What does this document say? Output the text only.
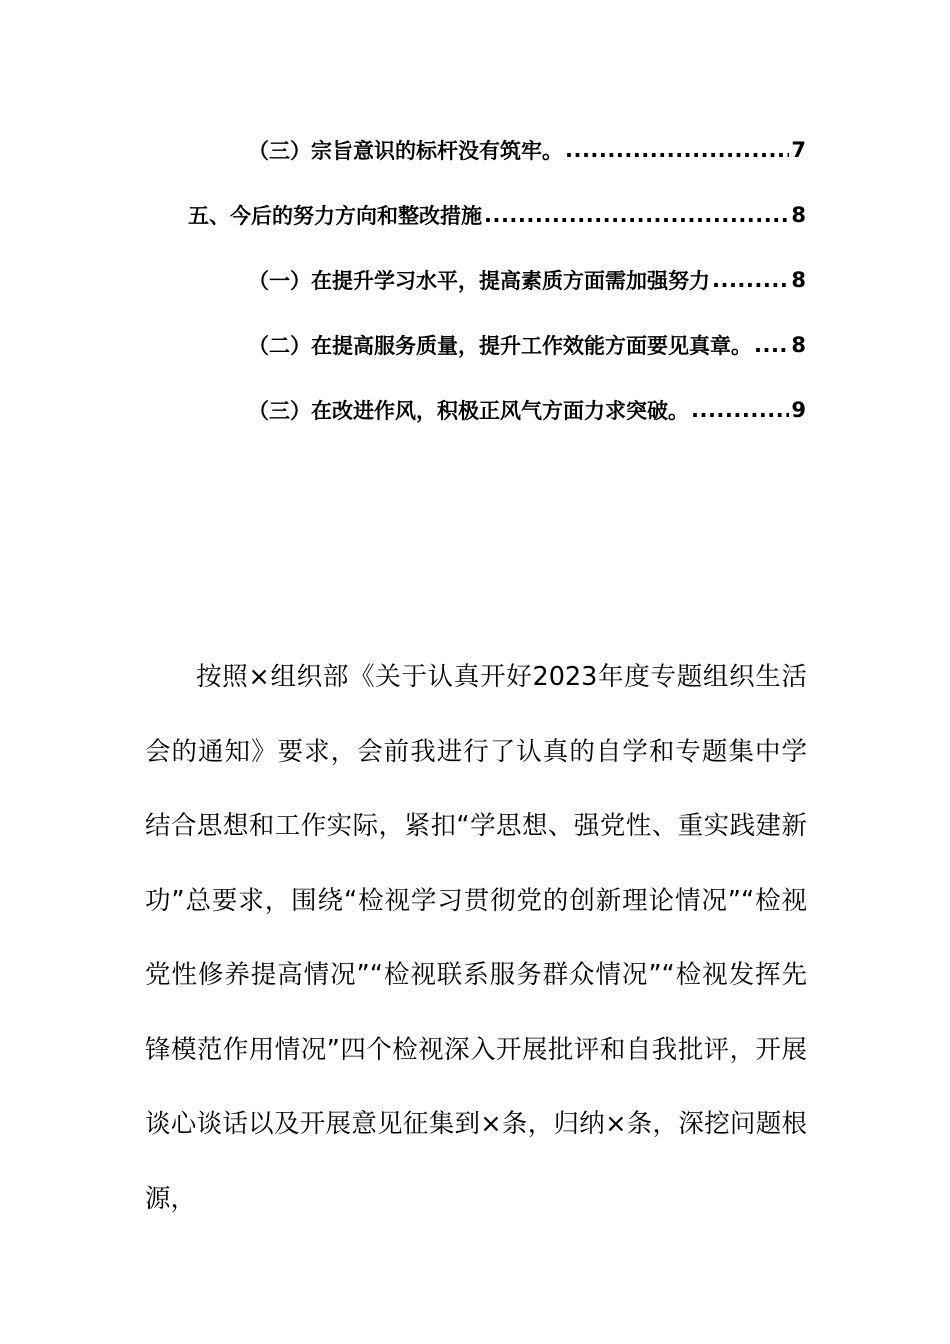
（三）宗旨意识的标杆没有筑牢。 .....	7
五、今后的努力方向和整改措施 .....	8
（一）在提升学习水平，提高素质方面需加强努力 .....	8
（二）在提高服务质量，提升工作效能方面要见真章。 ..... 8
（三）在改进作风，积极正风气方面力求突破。 .....	9

按照×组织部《关于认真开好2023年度专题组织生活会的通知》要求，会前我进行了认真的自学和专题集中学结合思想和工作实际，紧扣“学思想、强党性、重实践建新功”总要求，围绕“检视学习贯彻党的创新理论情况”“检视党性修养提高情况”“检视联系服务群众情况”“检视发挥先锋模范作用情况”四个检视深入开展批评和自我批评，开展谈心谈话以及开展意见征集到×条，归纳×条，深挖问题根源，
